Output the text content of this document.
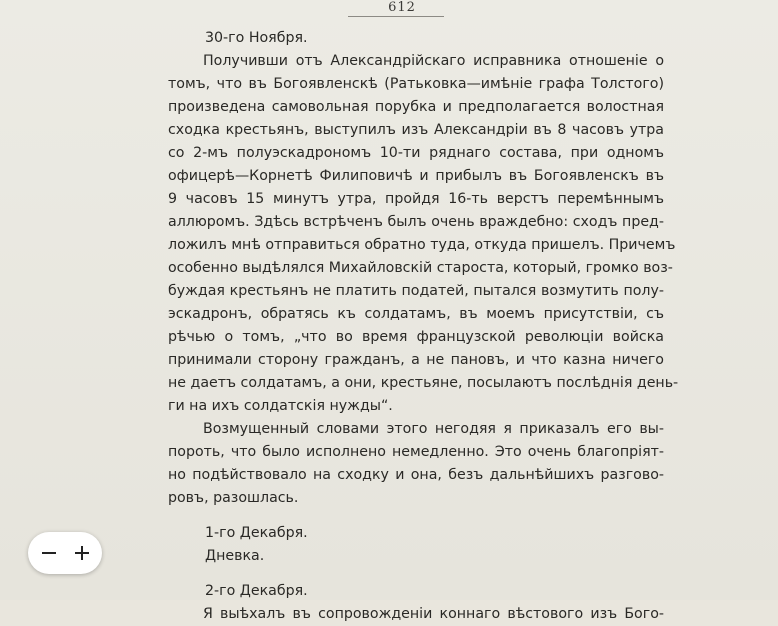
612
30-го Ноября.
Получивши отъ Александрійскаго исправника отношеніе о
томъ, что въ Богоявленскѣ (Ратьковка—имѣніе графа Толстого)
произведена самовольная порубка и предполагается волостная
сходка крестьянъ, выступилъ изъ Александріи въ 8 часовъ утра
со 2-мъ полуэскадрономъ 10-ти ряднаго состава, при одномъ
офицерѣ—Корнетѣ Филиповичѣ и прибылъ въ Богоявленскъ въ
9 часовъ 15 минутъ утра, пройдя 16-ть верстъ перемѣннымъ
аллюромъ. Здѣсь встрѣченъ былъ очень враждебно: сходъ пред-
ложилъ мнѣ отправиться обратно туда, откуда пришелъ. Причемъ
особенно выдѣлялся Михайловскій староста, который, громко воз-
буждая крестьянъ не платить податей, пытался возмутить полу-
эскадронъ, обратясь къ солдатамъ, въ моемъ присутствіи, съ
рѣчью о томъ, „что во время французской революціи войска
принимали сторону гражданъ, а не пановъ, и что казна ничего
не даетъ солдатамъ, а они, крестьяне, посылаютъ послѣднія день-
ги на ихъ солдатскія нужды“.
Возмущенный словами этого негодяя я приказалъ его вы-
пороть, что было исполнено немедленно. Это очень благопріят-
но подѣйствовало на сходку и она, безъ дальнѣйшихъ разгово-
ровъ, разошлась.
1-го Декабря.
Дневка.
2-го Декабря.
Я выѣхалъ въ сопровожденіи коннаго вѣстового изъ Бого-
